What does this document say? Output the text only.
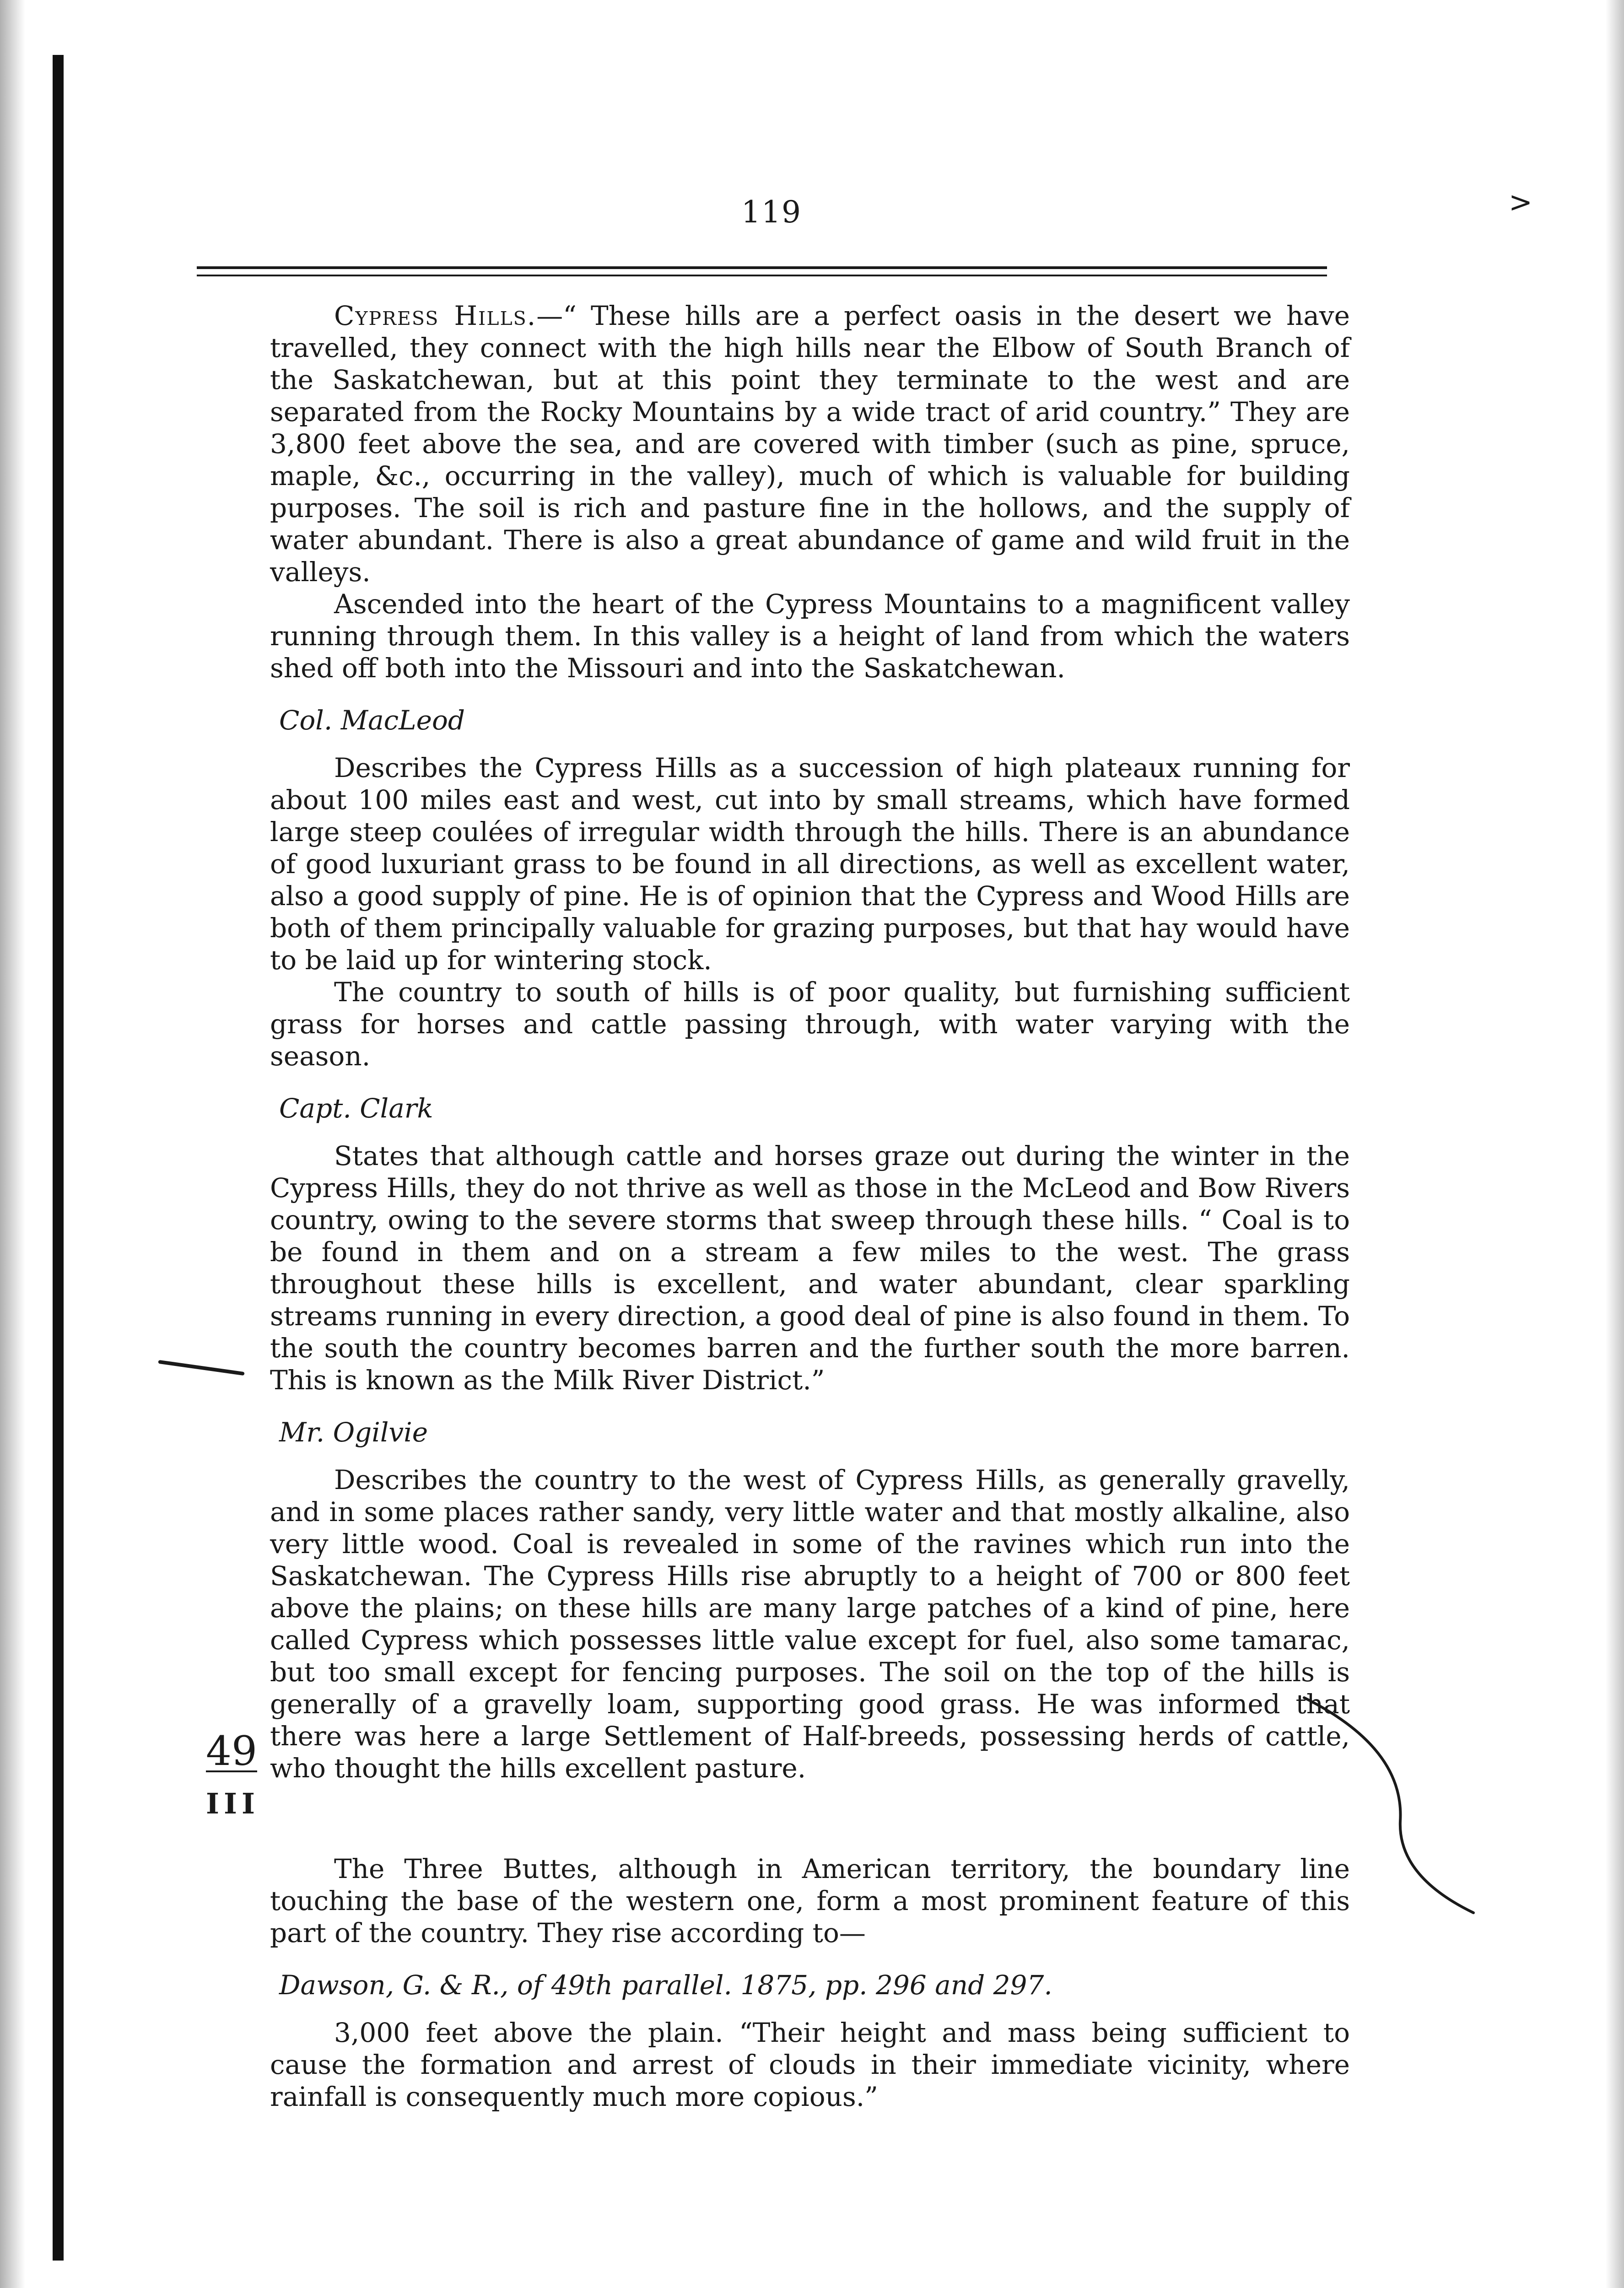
119	>
49
III

Cypress Hills.—“ These hills are a perfect oasis in the desert we have travelled, they connect with the high hills near the Elbow of South Branch of the Saskatchewan, but at this point they terminate to the west and are separated from the Rocky Mountains by a wide tract of arid country.” They are 3,800 feet above the sea, and are covered with timber (such as pine, spruce, maple, &c., occurring in the valley), much of which is valuable for building purposes. The soil is rich and pasture fine in the hollows, and the supply of water abundant. There is also a great abundance of game and wild fruit in the valleys.

Ascended into the heart of the Cypress Mountains to a magnificent valley running through them. In this valley is a height of land from which the waters shed off both into the Missouri and into the Saskatchewan.

Col. MacLeod

Describes the Cypress Hills as a succession of high plateaux running for about 100 miles east and west, cut into by small streams, which have formed large steep coulées of irregular width through the hills. There is an abundance of good luxuriant grass to be found in all directions, as well as excellent water, also a good supply of pine. He is of opinion that the Cypress and Wood Hills are both of them principally valuable for grazing purposes, but that hay would have to be laid up for wintering stock.

The country to south of hills is of poor quality, but furnishing sufficient grass for horses and cattle passing through, with water varying with the season.

Capt. Clark

States that although cattle and horses graze out during the winter in the Cypress Hills, they do not thrive as well as those in the McLeod and Bow Rivers country, owing to the severe storms that sweep through these hills. “ Coal is to be found in them and on a stream a few miles to the west. The grass throughout these hills is excellent, and water abundant, clear sparkling streams running in every direction, a good deal of pine is also found in them. To the south the country becomes barren and the further south the more barren. This is known as the Milk River District.”

Mr. Ogilvie

Describes the country to the west of Cypress Hills, as generally gravelly, and in some places rather sandy, very little water and that mostly alkaline, also very little wood. Coal is revealed in some of the ravines which run into the Saskatchewan. The Cypress Hills rise abruptly to a height of 700 or 800 feet above the plains; on these hills are many large patches of a kind of pine, here called Cypress which possesses little value except for fuel, also some tamarac, but too small except for fencing purposes. The soil on the top of the hills is generally of a gravelly loam, supporting good grass. He was informed that there was here a large Settlement of Half-breeds, possessing herds of cattle, who thought the hills excellent pasture.

The Three Buttes, although in American territory, the boundary line touching the base of the western one, form a most prominent feature of this part of the country. They rise according to—

Dawson, G. & R., of 49th parallel. 1875, pp. 296 and 297.

3,000 feet above the plain. “Their height and mass being sufficient to cause the formation and arrest of clouds in their immediate vicinity, where rainfall is consequently much more copious.”
